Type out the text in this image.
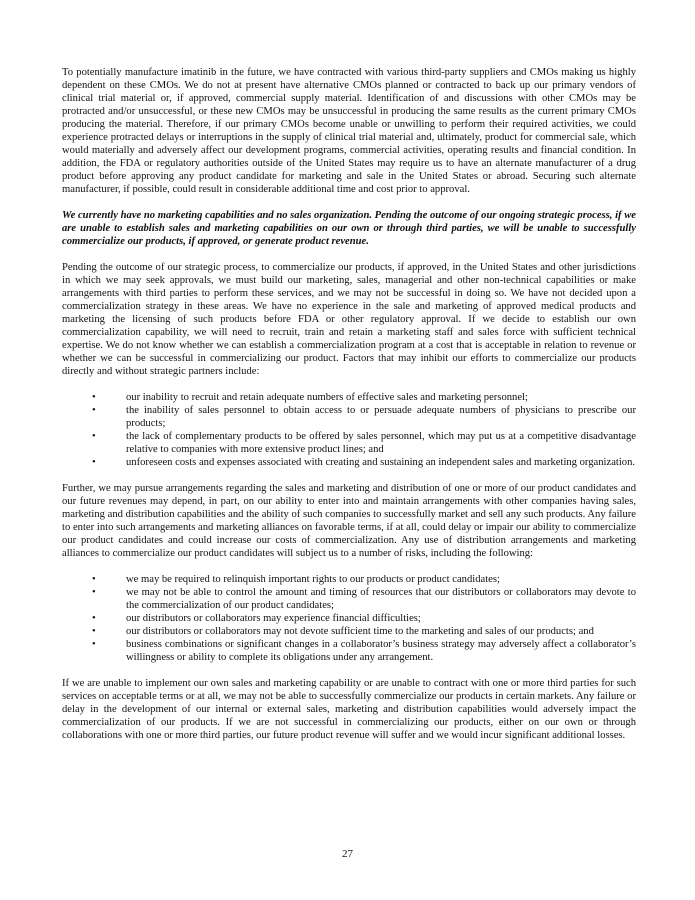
To potentially manufacture imatinib in the future, we have contracted with various third-party suppliers and CMOs making us highly dependent on these CMOs. We do not at present have alternative CMOs planned or contracted to back up our primary vendors of clinical trial material or, if approved, commercial supply material. Identification of and discussions with other CMOs may be protracted and/or unsuccessful, or these new CMOs may be unsuccessful in producing the same results as the current primary CMOs producing the material. Therefore, if our primary CMOs become unable or unwilling to perform their required activities, we could experience protracted delays or interruptions in the supply of clinical trial material and, ultimately, product for commercial sale, which would materially and adversely affect our development programs, commercial activities, operating results and financial condition. In addition, the FDA or regulatory authorities outside of the United States may require us to have an alternate manufacturer of a drug product before approving any product candidate for marketing and sale in the United States or abroad. Securing such alternate manufacturer, if possible, could result in considerable additional time and cost prior to approval.

We currently have no marketing capabilities and no sales organization. Pending the outcome of our ongoing strategic process, if we are unable to establish sales and marketing capabilities on our own or through third parties, we will be unable to successfully commercialize our products, if approved, or generate product revenue.

Pending the outcome of our strategic process, to commercialize our products, if approved, in the United States and other jurisdictions in which we may seek approvals, we must build our marketing, sales, managerial and other non-technical capabilities or make arrangements with third parties to perform these services, and we may not be successful in doing so. We have not decided upon a commercialization strategy in these areas. We have no experience in the sale and marketing of approved medical products and marketing the licensing of such products before FDA or other regulatory approval. If we decide to establish our own commercialization capability, we will need to recruit, train and retain a marketing staff and sales force with sufficient technical expertise. We do not know whether we can establish a commercialization program at a cost that is acceptable in relation to revenue or whether we can be successful in commercializing our product. Factors that may inhibit our efforts to commercialize our products directly and without strategic partners include:

•	our inability to recruit and retain adequate numbers of effective sales and marketing personnel;
•	the inability of sales personnel to obtain access to or persuade adequate numbers of physicians to prescribe our products;
•	the lack of complementary products to be offered by sales personnel, which may put us at a competitive disadvantage relative to companies with more extensive product lines; and
•	unforeseen costs and expenses associated with creating and sustaining an independent sales and marketing organization.

Further, we may pursue arrangements regarding the sales and marketing and distribution of one or more of our product candidates and our future revenues may depend, in part, on our ability to enter into and maintain arrangements with other companies having sales, marketing and distribution capabilities and the ability of such companies to successfully market and sell any such products. Any failure to enter into such arrangements and marketing alliances on favorable terms, if at all, could delay or impair our ability to commercialize our product candidates and could increase our costs of commercialization. Any use of distribution arrangements and marketing alliances to commercialize our product candidates will subject us to a number of risks, including the following:

•	we may be required to relinquish important rights to our products or product candidates;
•	we may not be able to control the amount and timing of resources that our distributors or collaborators may devote to the commercialization of our product candidates;
•	our distributors or collaborators may experience financial difficulties;
•	our distributors or collaborators may not devote sufficient time to the marketing and sales of our products; and
•	business combinations or significant changes in a collaborator’s business strategy may adversely affect a collaborator’s willingness or ability to complete its obligations under any arrangement.

If we are unable to implement our own sales and marketing capability or are unable to contract with one or more third parties for such services on acceptable terms or at all, we may not be able to successfully commercialize our products in certain markets. Any failure or delay in the development of our internal or external sales, marketing and distribution capabilities would adversely impact the commercialization of our products. If we are not successful in commercializing our products, either on our own or through collaborations with one or more third parties, our future product revenue will suffer and we would incur significant additional losses.

27
